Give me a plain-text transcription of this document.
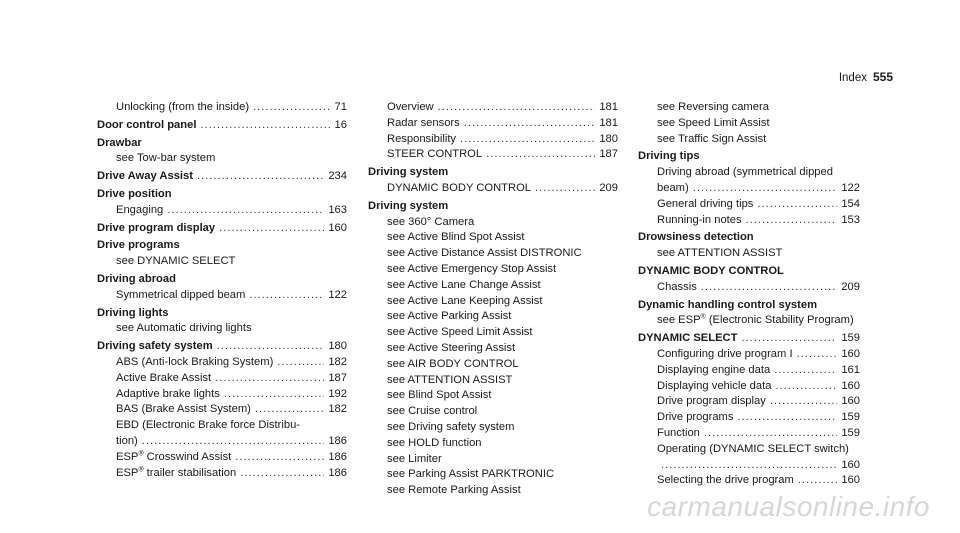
Index 555
Unlocking (from the inside) .....	71
Door control panel .....	16
Drawbar
see Tow-bar system
Drive Away Assist .....	234
Drive position
Engaging .....	163
Drive program display .....	160
Drive programs
see DYNAMIC SELECT
Driving abroad
Symmetrical dipped beam .....	122
Driving lights
see Automatic driving lights
Driving safety system .....	180
ABS (Anti-lock Braking System) .....	182
Active Brake Assist .....	187
Adaptive brake lights .....	192
BAS (Brake Assist System) .....	182
EBD (Electronic Brake force Distribu-
tion) .....	186
ESP® Crosswind Assist .....	186
ESP® trailer stabilisation .....	186
Overview .....	181
Radar sensors .....	181
Responsibility .....	180
STEER CONTROL .....	187
Driving system
DYNAMIC BODY CONTROL .....	209
Driving system
see 360° Camera
see Active Blind Spot Assist
see Active Distance Assist DISTRONIC
see Active Emergency Stop Assist
see Active Lane Change Assist
see Active Lane Keeping Assist
see Active Parking Assist
see Active Speed Limit Assist
see Active Steering Assist
see AIR BODY CONTROL
see ATTENTION ASSIST
see Blind Spot Assist
see Cruise control
see Driving safety system
see HOLD function
see Limiter
see Parking Assist PARKTRONIC
see Remote Parking Assist
see Reversing camera
see Speed Limit Assist
see Traffic Sign Assist
Driving tips
Driving abroad (symmetrical dipped
beam) .....	122
General driving tips .....	154
Running-in notes .....	153
Drowsiness detection
see ATTENTION ASSIST
DYNAMIC BODY CONTROL
Chassis .....	209
Dynamic handling control system
see ESP® (Electronic Stability Program)
DYNAMIC SELECT .....	159
Configuring drive program I .....	160
Displaying engine data .....	161
Displaying vehicle data .....	160
Drive program display .....	160
Drive programs .....	159
Function .....	159
Operating (DYNAMIC SELECT switch)
.....
160
Selecting the drive program .....	160
carmanualsonline.info
